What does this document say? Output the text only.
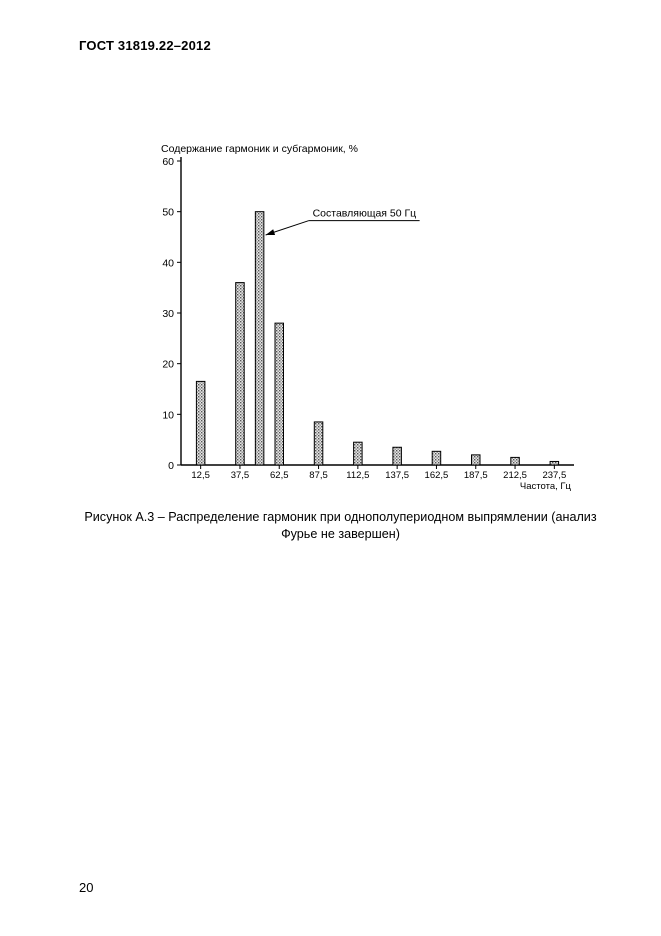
ГОСТ 31819.22–2012
Содержание гармоник и субгармоник, %
Частота, Гц
0
10
20
30
40
50
60
12,5 37,5 62,5 87,5 112,5 137,5 162,5 187,5 212,5 237,5
Составляющая 50 Гц
Рисунок А.3 – Распределение гармоник при однополупериодном выпрямлении (анализ
Фурье не завершен)
20
